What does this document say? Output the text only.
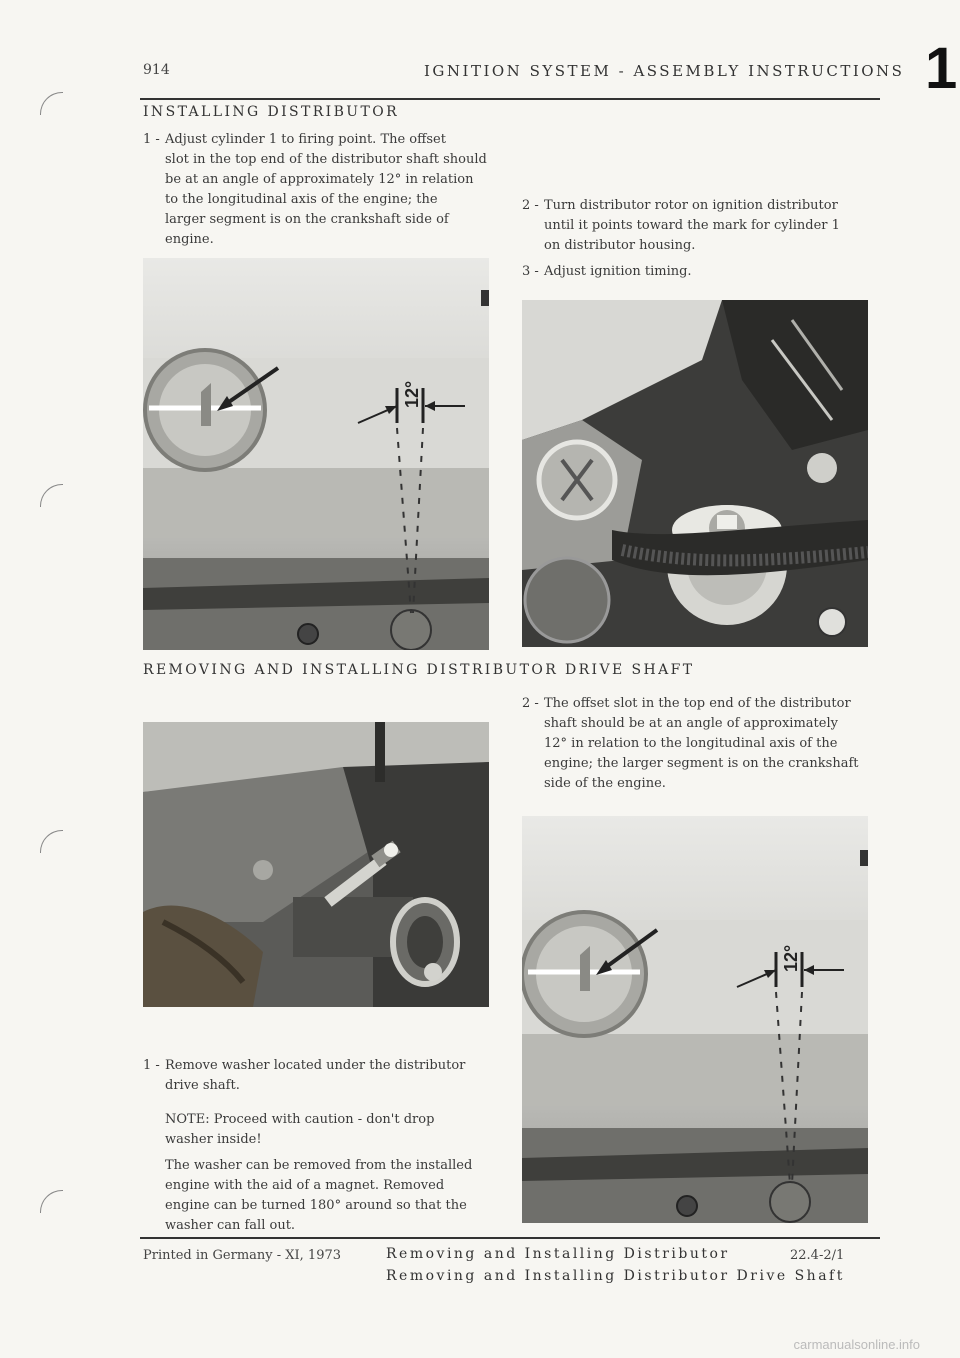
914	IGNITION SYSTEM - ASSEMBLY INSTRUCTIONS 1
INSTALLING DISTRIBUTOR
1 - Adjust cylinder 1 to firing point. The offset
slot in the top end of the distributor shaft should
be at an angle of approximately 12° in relation
to the longitudinal axis of the engine; the
larger segment is on the crankshaft side of
engine.
2 - Turn distributor rotor on ignition distributor
until it points toward the mark for cylinder 1
on distributor housing.
3 - Adjust ignition timing.
12°
REMOVING AND INSTALLING DISTRIBUTOR DRIVE SHAFT
1 - Remove washer located under the distributor
drive shaft.
NOTE: Proceed with caution - don't drop
washer inside!
The washer can be removed from the installed
engine with the aid of a magnet. Removed
engine can be turned 180° around so that the
washer can fall out.
2 - The offset slot in the top end of the distributor
shaft should be at an angle of approximately
12° in relation to the longitudinal axis of the
engine; the larger segment is on the crankshaft
side of the engine.
12°
Printed in Germany - XI, 1973	Removing and Installing Distributor
Removing and Installing Distributor Drive Shaft
22.4-2/1
carmanualsonline.info
